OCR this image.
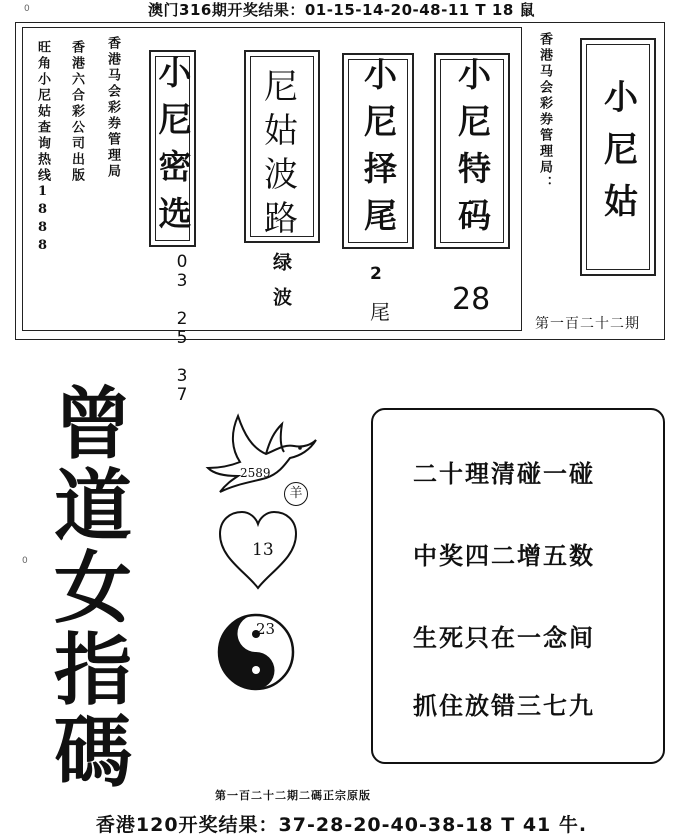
澳门316期开奖结果：01-15-14-20-48-11 T 18 鼠
0
旺角小尼姑查询热线1888 香港六合彩公司出版 香港马会彩券管理局 小尼密选
03 25 37
尼姑波路
绿波
小尼择尾
2
尾
小尼特码
28
香港马会彩券管理局： 小尼姑
第一百二十二期
0
曾
道
女
指
碼
2589
羊
13
23
二十理清碰一碰
中奖四二增五数
生死只在一念间
抓住放错三七九
第一百二十二期二碼正宗原版
香港120开奖结果：37-28-20-40-38-18 T 41 牛.
